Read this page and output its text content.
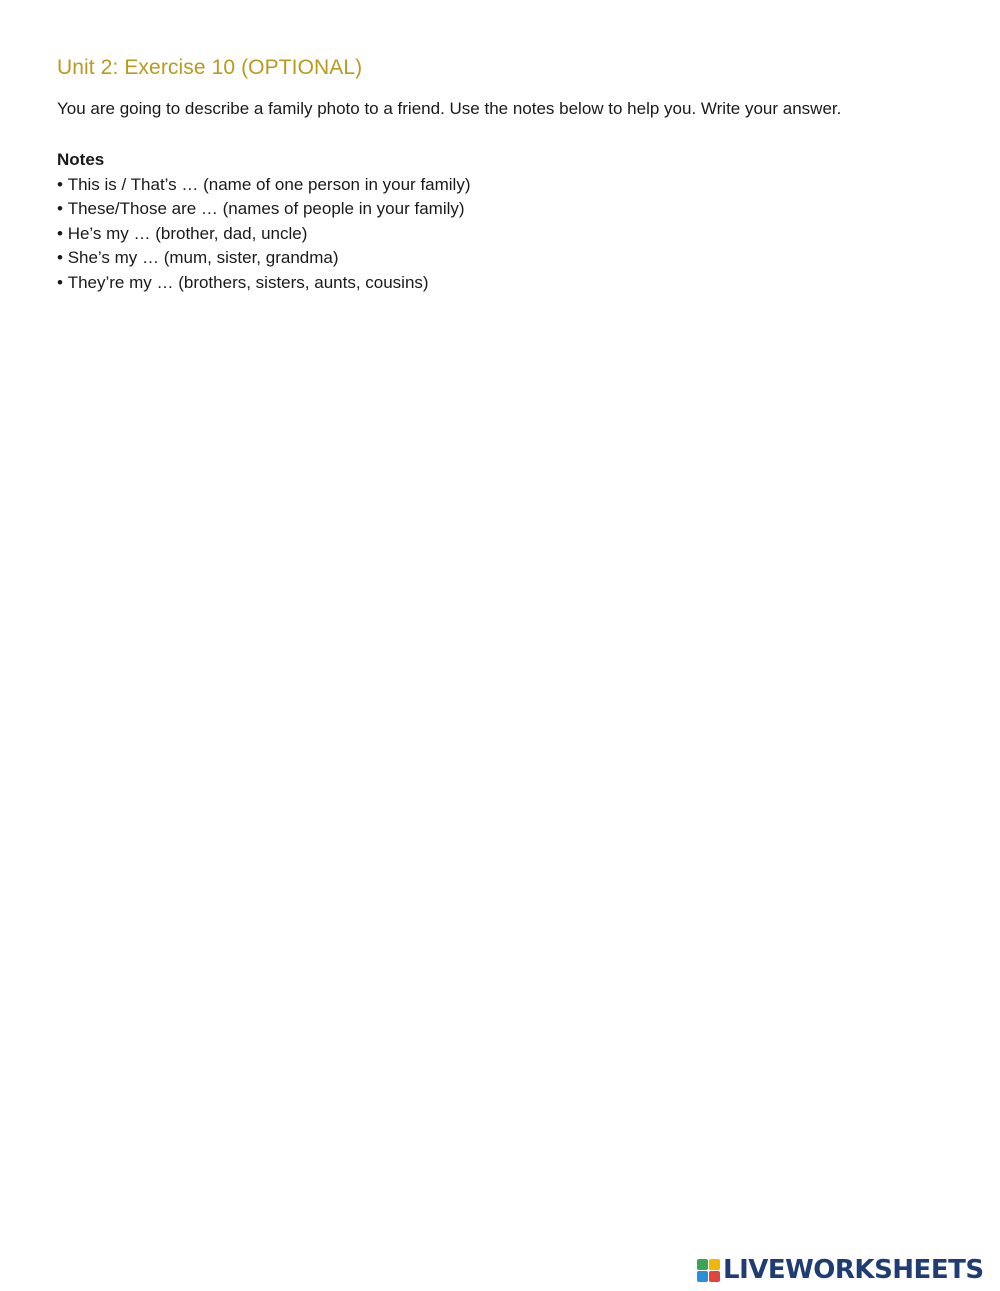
Unit 2: Exercise 10 (OPTIONAL)
You are going to describe a family photo to a friend. Use the notes below to help you. Write your answer.
Notes
• This is / That’s … (name of one person in your family)
• These/Those are … (names of people in your family)
• He’s my … (brother, dad, uncle)
• She’s my … (mum, sister, grandma)
• They’re my … (brothers, sisters, aunts, cousins)
LIVEWORKSHEETS
